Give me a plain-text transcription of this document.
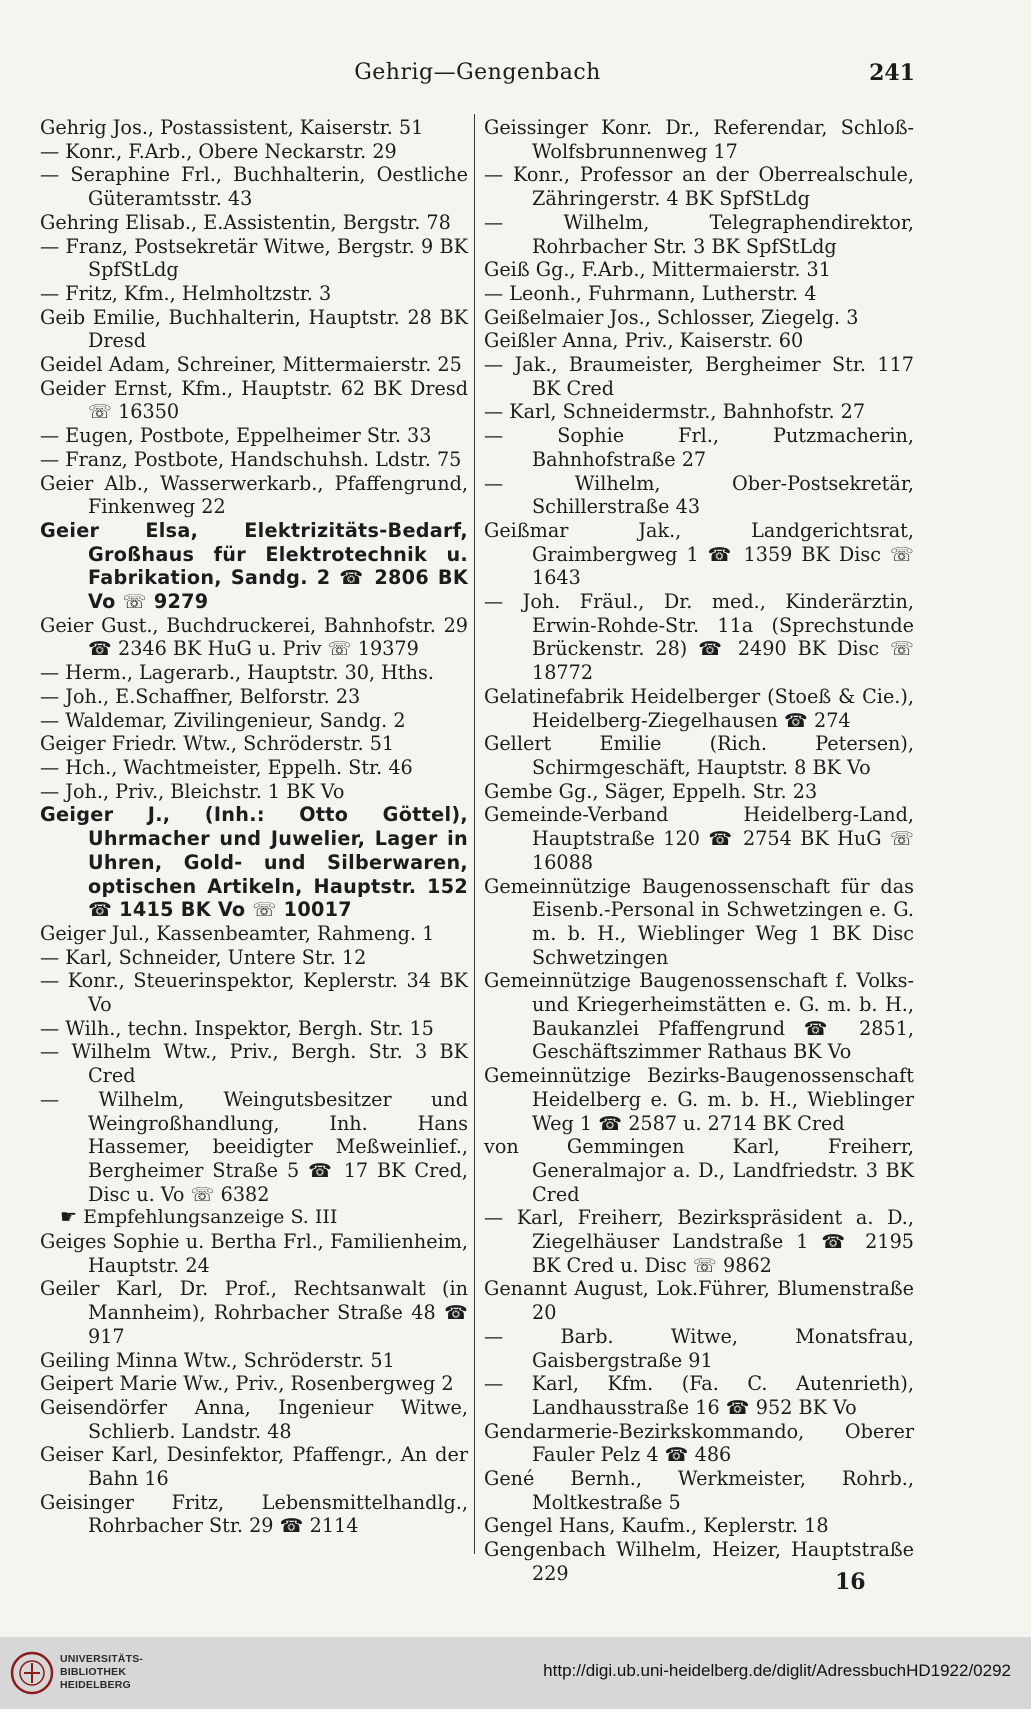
Gehrig—Gengenbach	241

Gehrig Jos., Postassistent, Kaiserstr. 51

— Konr., F.Arb., Obere Neckarstr. 29

— Seraphine Frl., Buchhalterin, Oestliche Güteramtsstr. 43

Gehring Elisab., E.Assistentin, Bergstr. 78

— Franz, Postsekretär Witwe, Bergstr. 9 BK SpfStLdg

— Fritz, Kfm., Helmholtzstr. 3

Geib Emilie, Buchhalterin, Hauptstr. 28 BK Dresd

Geidel Adam, Schreiner, Mittermaierstr. 25

Geider Ernst, Kfm., Hauptstr. 62 BK Dresd ☏ 16350

— Eugen, Postbote, Eppelheimer Str. 33

— Franz, Postbote, Handschuhsh. Ldstr. 75

Geier Alb., Wasserwerkarb., Pfaffengrund, Finkenweg 22

Geier Elsa, Elektrizitäts-Bedarf, Großhaus für Elektrotechnik u. Fabrikation, Sandg. 2 ☎ 2806 BK Vo ☏ 9279

Geier Gust., Buchdruckerei, Bahnhofstr. 29 ☎ 2346 BK HuG u. Priv ☏ 19379

— Herm., Lagerarb., Hauptstr. 30, Hths.

— Joh., E.Schaffner, Belforstr. 23

— Waldemar, Zivilingenieur, Sandg. 2

Geiger Friedr. Wtw., Schröderstr. 51

— Hch., Wachtmeister, Eppelh. Str. 46

— Joh., Priv., Bleichstr. 1 BK Vo

Geiger J., (Inh.: Otto Göttel), Uhrmacher und Juwelier, Lager in Uhren, Gold- und Silberwaren, optischen Artikeln, Hauptstr. 152 ☎ 1415 BK Vo ☏ 10017

Geiger Jul., Kassenbeamter, Rahmeng. 1

— Karl, Schneider, Untere Str. 12

— Konr., Steuerinspektor, Keplerstr. 34 BK Vo

— Wilh., techn. Inspektor, Bergh. Str. 15

— Wilhelm Wtw., Priv., Bergh. Str. 3 BK Cred

— Wilhelm, Weingutsbesitzer und Weingroßhandlung, Inh. Hans Hassemer, beeidigter Meßweinlief., Bergheimer Straße 5 ☎ 17 BK Cred, Disc u. Vo ☏ 6382

☛ Empfehlungsanzeige S. III

Geiges Sophie u. Bertha Frl., Familienheim, Hauptstr. 24

Geiler Karl, Dr. Prof., Rechtsanwalt (in Mannheim), Rohrbacher Straße 48 ☎ 917

Geiling Minna Wtw., Schröderstr. 51

Geipert Marie Ww., Priv., Rosenbergweg 2

Geisendörfer Anna, Ingenieur Witwe, Schlierb. Landstr. 48

Geiser Karl, Desinfektor, Pfaffengr., An der Bahn 16

Geisinger Fritz, Lebensmittelhandlg., Rohrbacher Str. 29 ☎ 2114

Geissinger Konr. Dr., Referendar, Schloß-Wolfsbrunnenweg 17

— Konr., Professor an der Oberrealschule, Zähringerstr. 4 BK SpfStLdg

— Wilhelm, Telegraphendirektor, Rohrbacher Str. 3 BK SpfStLdg

Geiß Gg., F.Arb., Mittermaierstr. 31

— Leonh., Fuhrmann, Lutherstr. 4

Geißelmaier Jos., Schlosser, Ziegelg. 3

Geißler Anna, Priv., Kaiserstr. 60

— Jak., Braumeister, Bergheimer Str. 117 BK Cred

— Karl, Schneidermstr., Bahnhofstr. 27

— Sophie Frl., Putzmacherin, Bahnhofstraße 27

— Wilhelm, Ober-Postsekretär, Schillerstraße 43

Geißmar Jak., Landgerichtsrat, Graimbergweg 1 ☎ 1359 BK Disc ☏ 1643

— Joh. Fräul., Dr. med., Kinderärztin, Erwin-Rohde-Str. 11a (Sprechstunde Brückenstr. 28) ☎ 2490 BK Disc ☏ 18772

Gelatinefabrik Heidelberger (Stoeß & Cie.), Heidelberg-Ziegelhausen ☎ 274

Gellert Emilie (Rich. Petersen), Schirmgeschäft, Hauptstr. 8 BK Vo

Gembe Gg., Säger, Eppelh. Str. 23

Gemeinde-Verband Heidelberg-Land, Hauptstraße 120 ☎ 2754 BK HuG ☏ 16088

Gemeinnützige Baugenossenschaft für das Eisenb.-Personal in Schwetzingen e. G. m. b. H., Wieblinger Weg 1 BK Disc Schwetzingen

Gemeinnützige Baugenossenschaft f. Volks- und Kriegerheimstätten e. G. m. b. H., Baukanzlei Pfaffengrund ☎ 2851, Geschäftszimmer Rathaus BK Vo

Gemeinnützige Bezirks-Baugenossenschaft Heidelberg e. G. m. b. H., Wieblinger Weg 1 ☎ 2587 u. 2714 BK Cred

von Gemmingen Karl, Freiherr, Generalmajor a. D., Landfriedstr. 3 BK Cred

— Karl, Freiherr, Bezirkspräsident a. D., Ziegelhäuser Landstraße 1 ☎ 2195 BK Cred u. Disc ☏ 9862

Genannt August, Lok.Führer, Blumenstraße 20

— Barb. Witwe, Monatsfrau, Gaisbergstraße 91

— Karl, Kfm. (Fa. C. Autenrieth), Landhausstraße 16 ☎ 952 BK Vo

Gendarmerie-Bezirkskommando, Oberer Fauler Pelz 4 ☎ 486

Gené Bernh., Werkmeister, Rohrb., Moltkestraße 5

Gengel Hans, Kaufm., Keplerstr. 18

Gengenbach Wilhelm, Heizer, Hauptstraße 229	16
UNIVERSITÄTS-
BIBLIOTHEK
HEIDELBERG
http://digi.ub.uni-heidelberg.de/diglit/AdressbuchHD1922/0292
